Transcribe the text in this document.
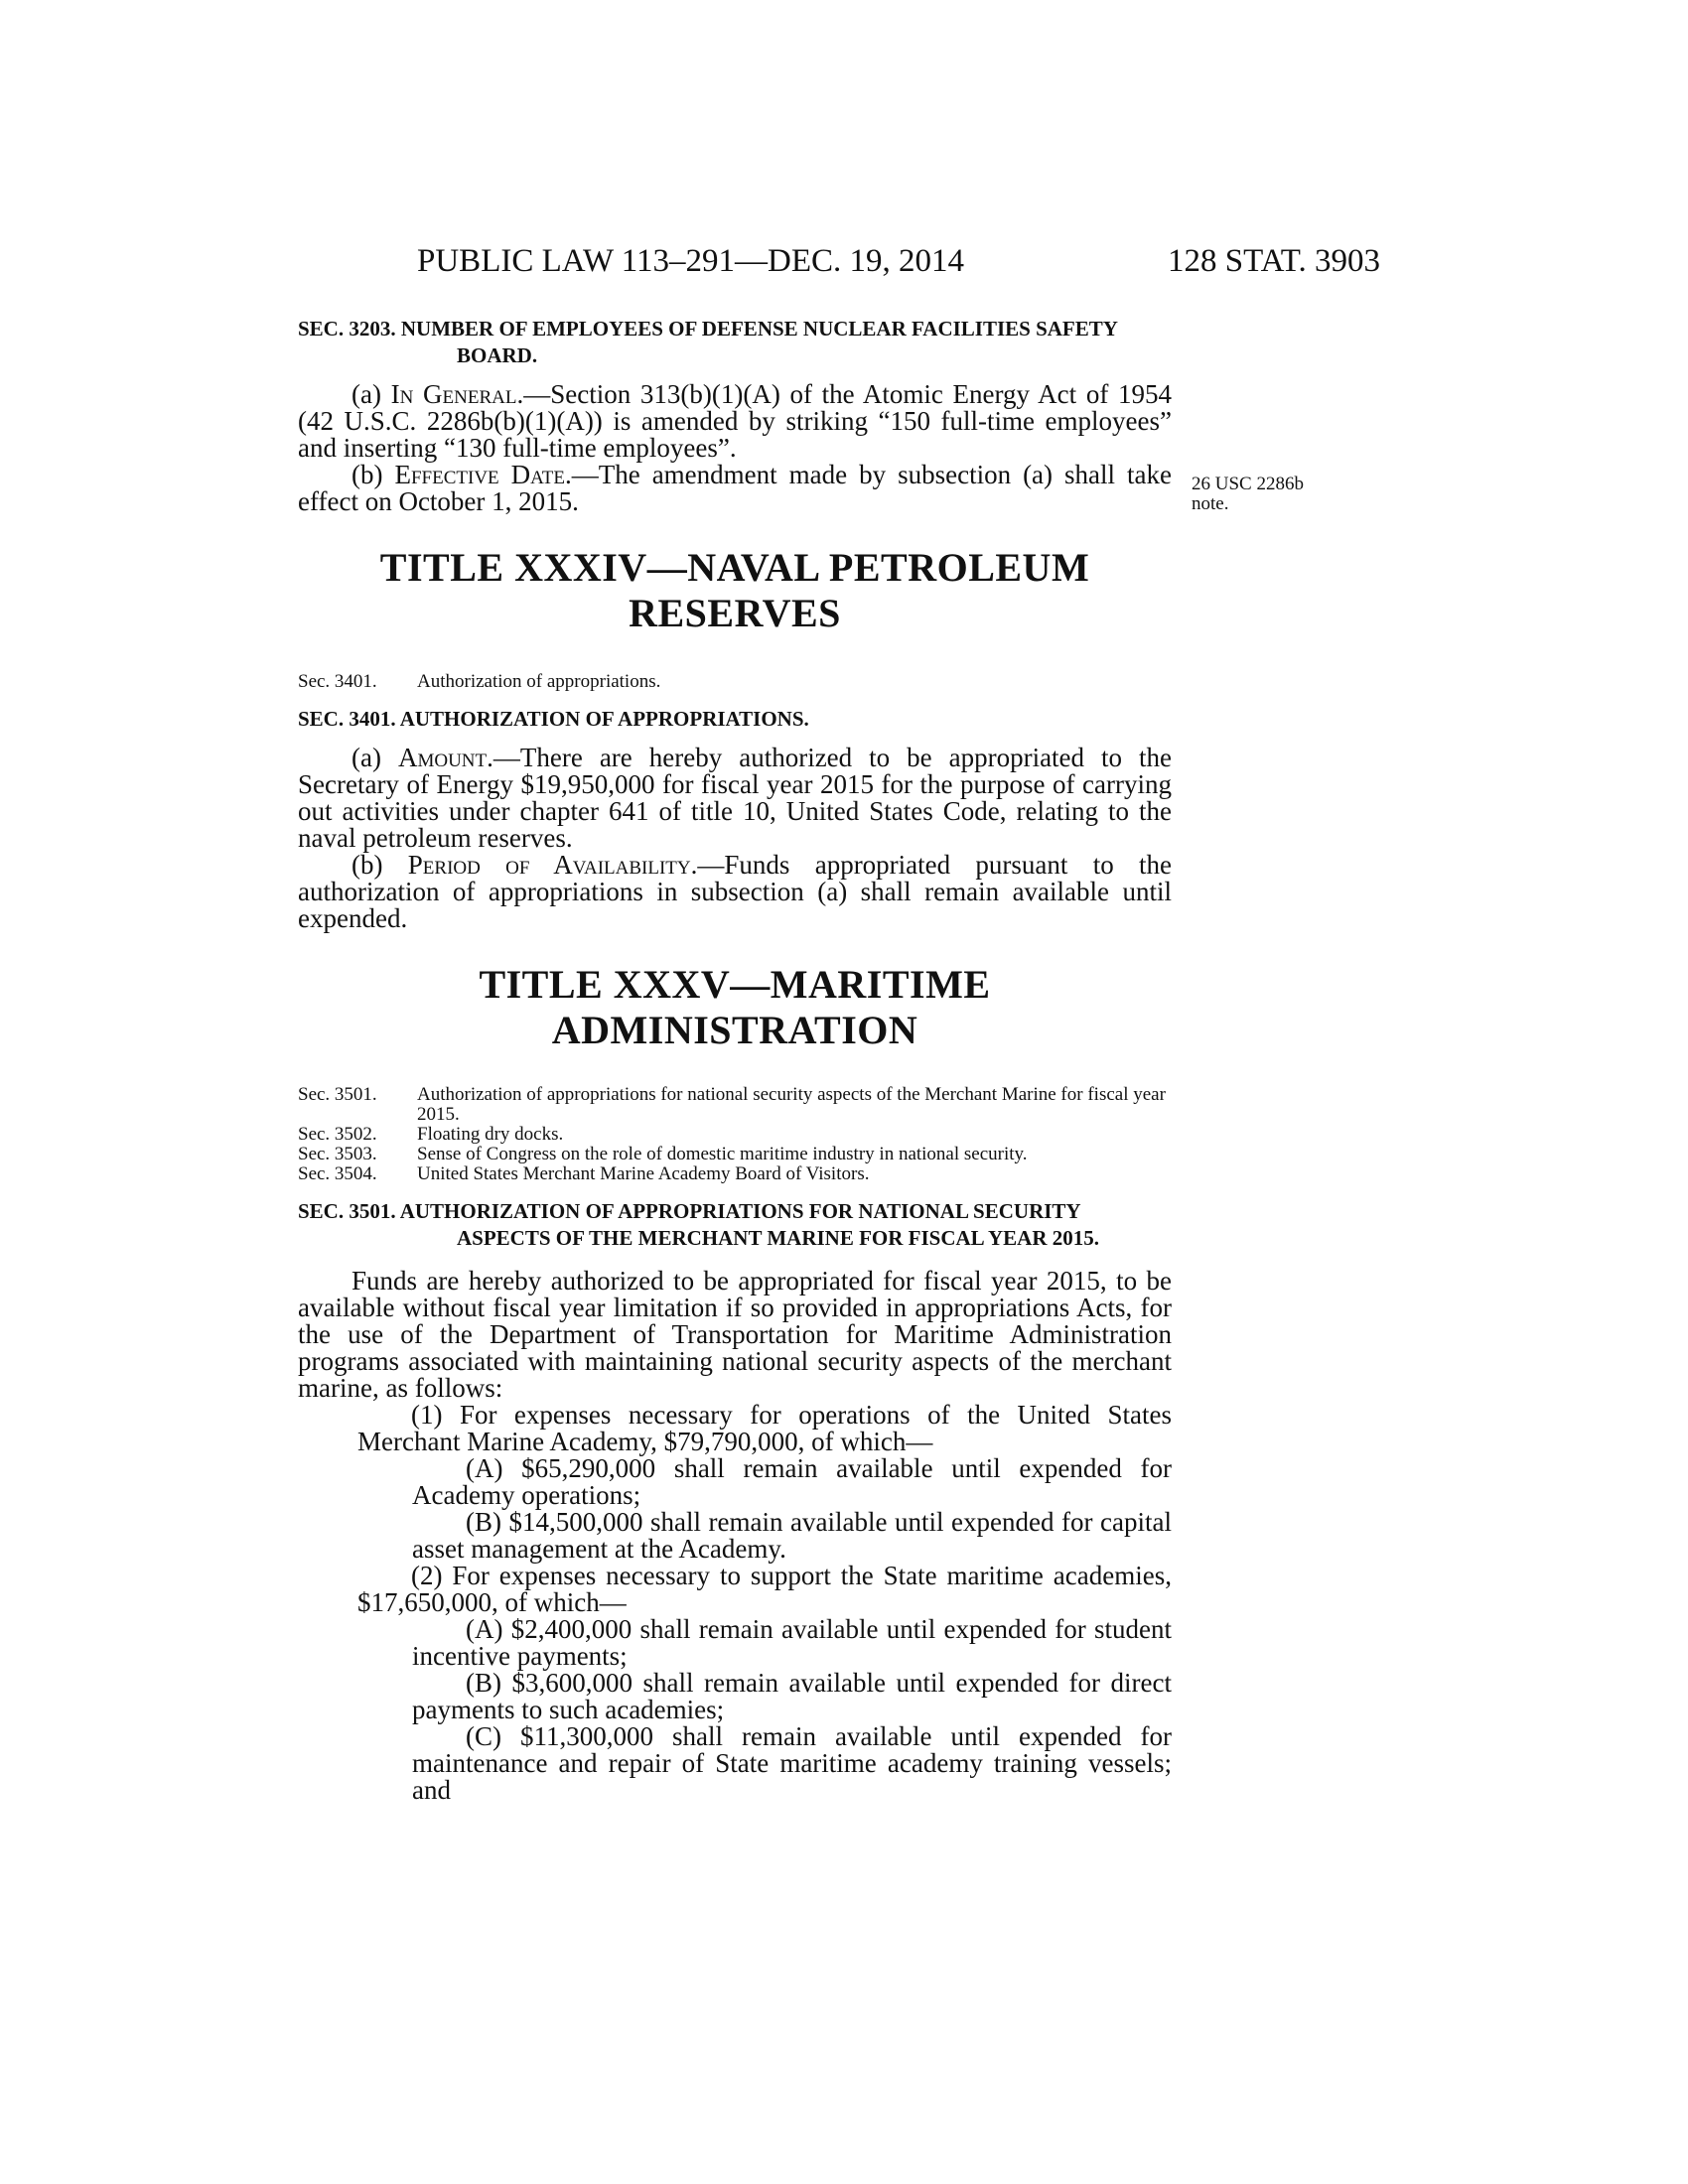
PUBLIC LAW 113–291—DEC. 19, 2014	128 STAT. 3903

SEC. 3203. NUMBER OF EMPLOYEES OF DEFENSE NUCLEAR FACILITIES SAFETY BOARD.

(a) In General.—Section 313(b)(1)(A) of the Atomic Energy Act of 1954 (42 U.S.C. 2286b(b)(1)(A)) is amended by striking “150 full-time employees” and inserting “130 full-time employees”.

(b) Effective Date.—The amendment made by subsection (a) shall take effect on October 1, 2015.

TITLE XXXIV—NAVAL PETROLEUM
RESERVES

Sec. 3401.	Authorization of appropriations.

SEC. 3401. AUTHORIZATION OF APPROPRIATIONS.

(a) Amount.—There are hereby authorized to be appropriated to the Secretary of Energy $19,950,000 for fiscal year 2015 for the purpose of carrying out activities under chapter 641 of title 10, United States Code, relating to the naval petroleum reserves.

(b) Period of Availability.—Funds appropriated pursuant to the authorization of appropriations in subsection (a) shall remain available until expended.

TITLE XXXV—MARITIME
ADMINISTRATION

Sec. 3501.	Authorization of appropriations for national security aspects of the Merchant Marine for fiscal year 2015.
Sec. 3502.	Floating dry docks.
Sec. 3503.	Sense of Congress on the role of domestic maritime industry in national security.
Sec. 3504.	United States Merchant Marine Academy Board of Visitors.

SEC. 3501. AUTHORIZATION OF APPROPRIATIONS FOR NATIONAL SECURITY ASPECTS OF THE MERCHANT MARINE FOR FISCAL YEAR 2015.

Funds are hereby authorized to be appropriated for fiscal year 2015, to be available without fiscal year limitation if so provided in appropriations Acts, for the use of the Department of Transportation for Maritime Administration programs associated with maintaining national security aspects of the merchant marine, as follows:

(1) For expenses necessary for operations of the United States Merchant Marine Academy, $79,790,000, of which—

(A) $65,290,000 shall remain available until expended for Academy operations;

(B) $14,500,000 shall remain available until expended for capital asset management at the Academy.

(2) For expenses necessary to support the State maritime academies, $17,650,000, of which—

(A) $2,400,000 shall remain available until expended for student incentive payments;

(B) $3,600,000 shall remain available until expended for direct payments to such academies;

(C) $11,300,000 shall remain available until expended for maintenance and repair of State maritime academy training vessels; and

26 USC 2286b
note.
